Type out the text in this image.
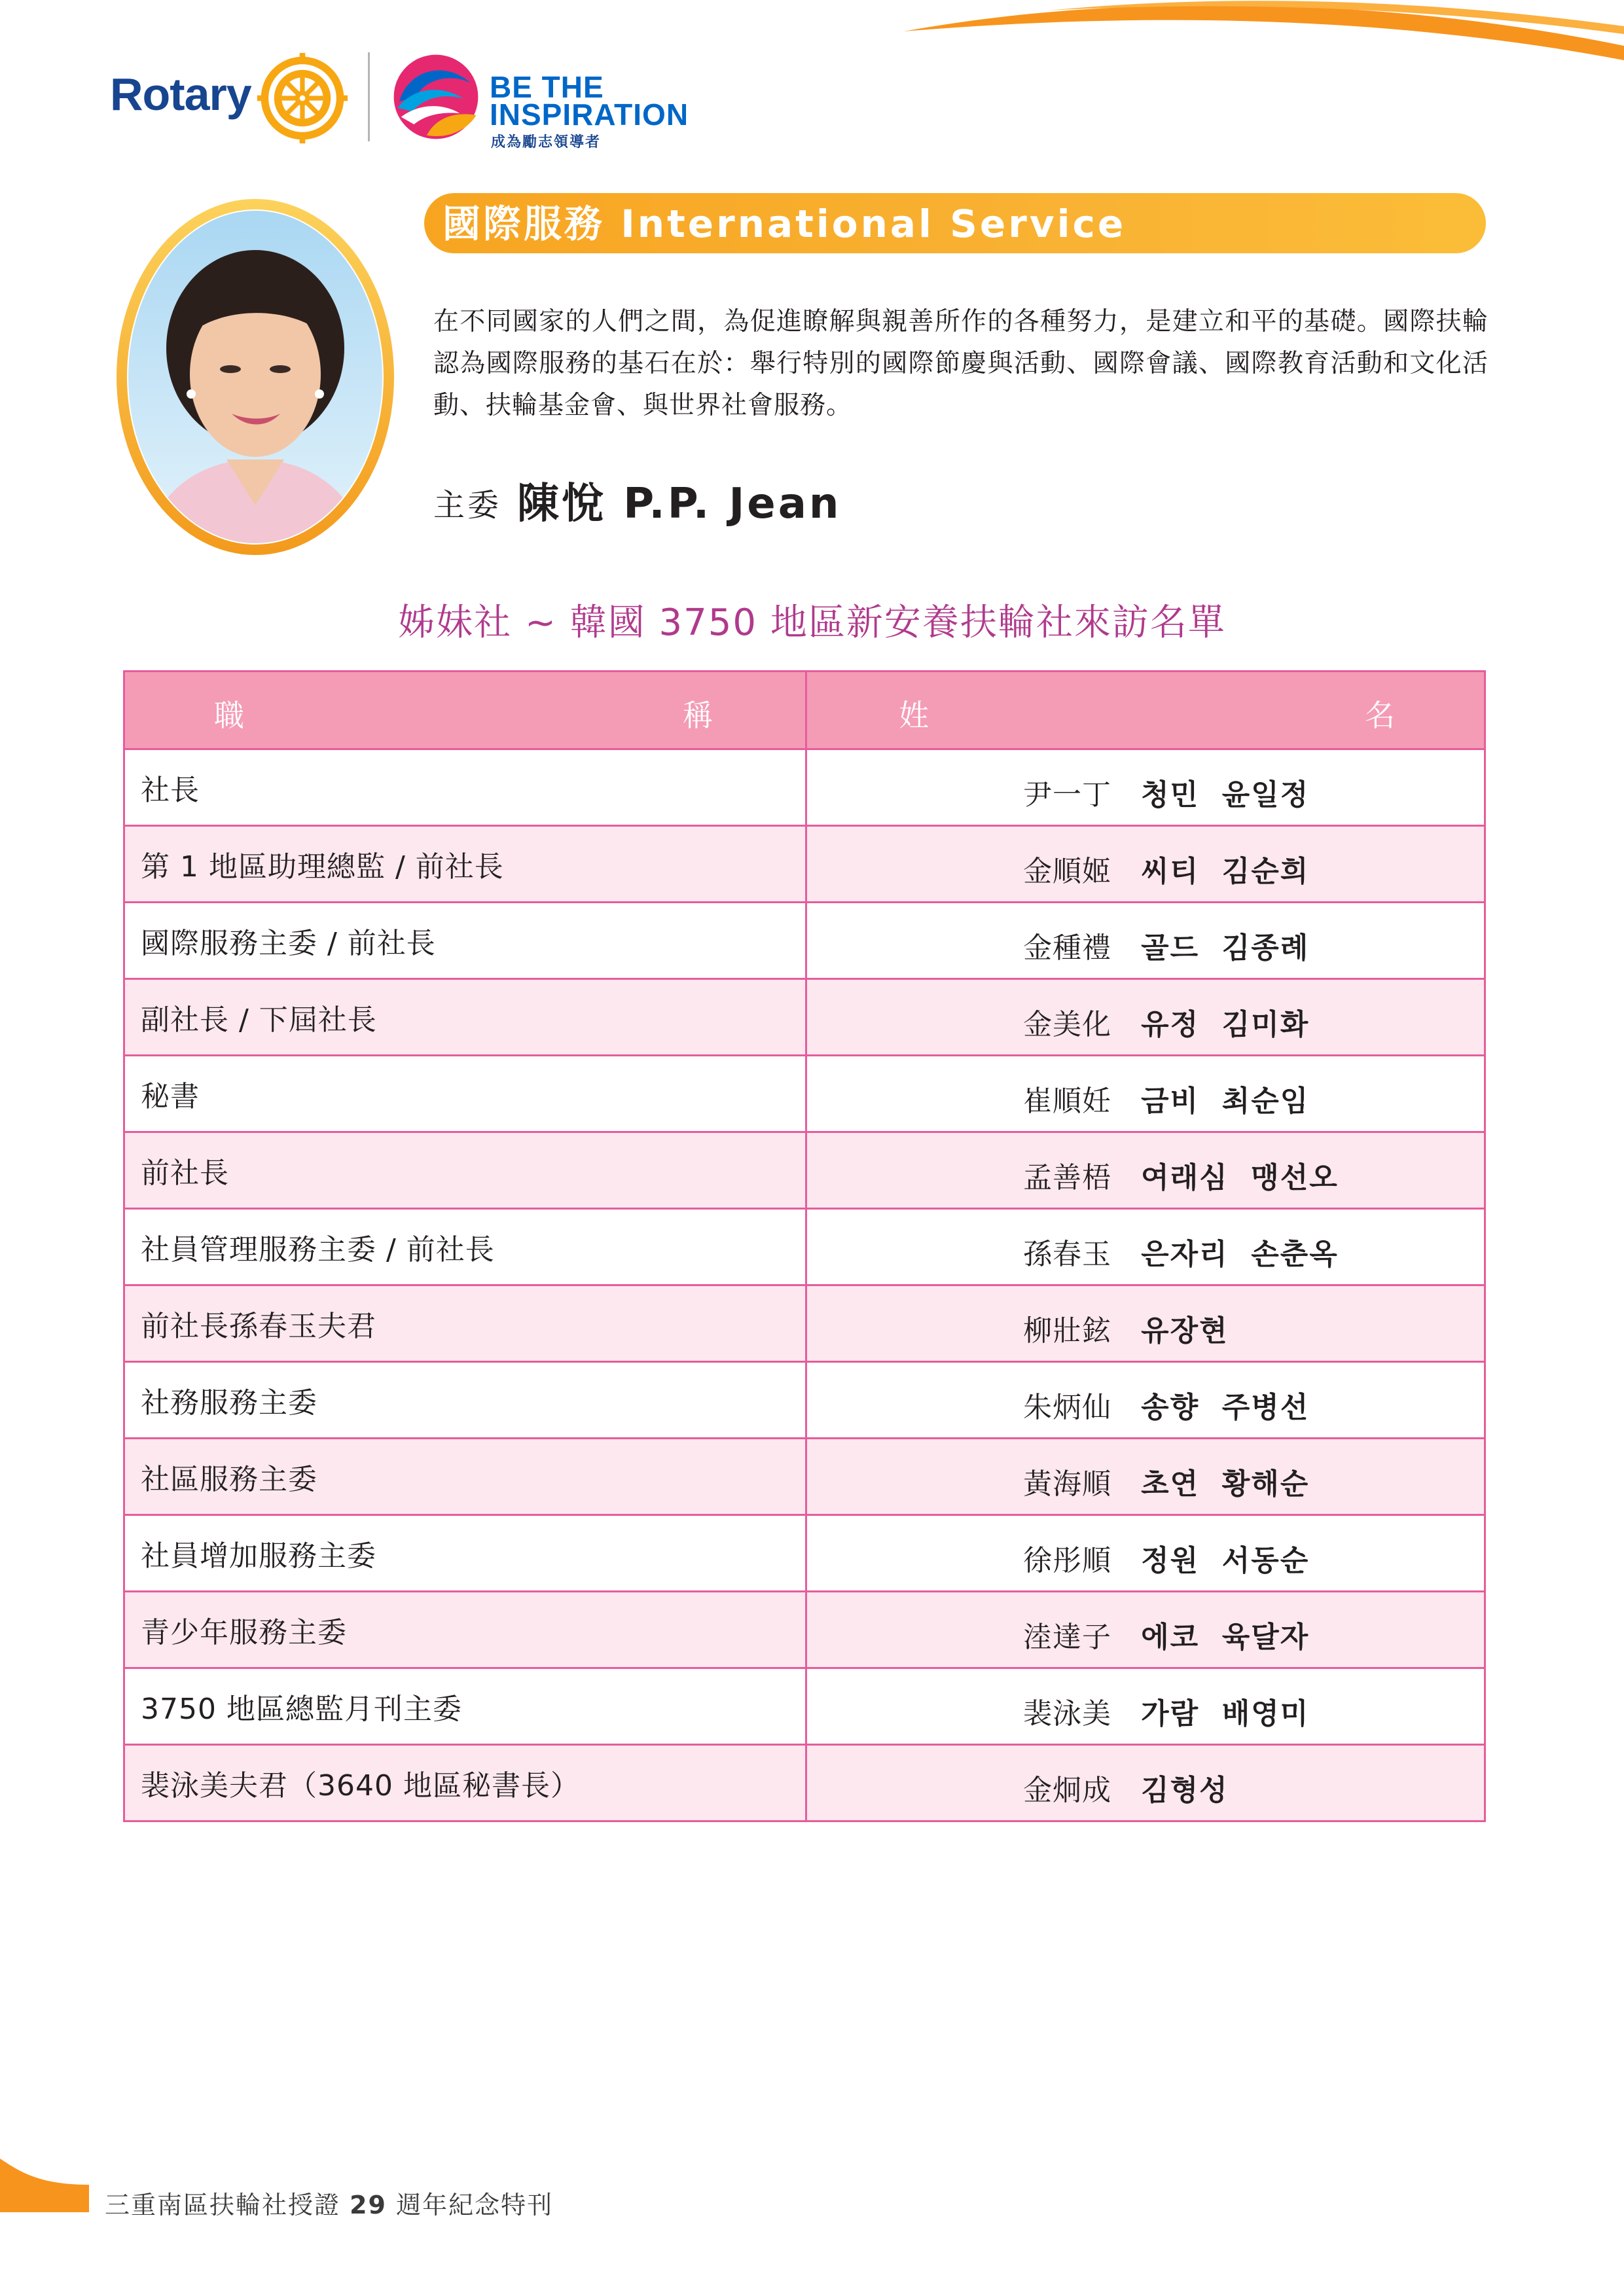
Rotary	BE THE
INSPIRATION
成為勵志領導者
國際服務 International Service
在不同國家的人們之間，為促進瞭解與親善所作的各種努力，是建立和平的基礎。國際扶輪認為國際服務的基石在於：舉行特別的國際節慶與活動、國際會議、國際教育活動和文化活動、扶輪基金會、與世界社會服務。
主委 陳悅 P.P. Jean
姊妹社 ~ 韓國 3750 地區新安養扶輪社來訪名單
職 稱	姓 名

社長	尹一丁 청민  윤일정

第 1 地區助理總監 / 前社長	金順姬 씨티  김순희

國際服務主委 / 前社長	金種禮 골드  김종례

副社長 / 下屆社長	金美化 유정  김미화

秘書	崔順妊 금비  최순임

前社長	孟善梧 여래심  맹선오

社員管理服務主委 / 前社長	孫春玉 은자리  손춘옥

前社長孫春玉夫君	柳壯鉉 유장현

社務服務主委	朱炳仙 송향  주병선

社區服務主委	黃海順 초연  황해순

社員增加服務主委	徐彤順 정원  서동순

青少年服務主委	淕達子 에코  육달자

3750 地區總監月刊主委	裴泳美 가람  배영미

裴泳美夫君（3640 地區秘書長）	金炯成 김형성
三重南區扶輪社授證 29 週年紀念特刊
